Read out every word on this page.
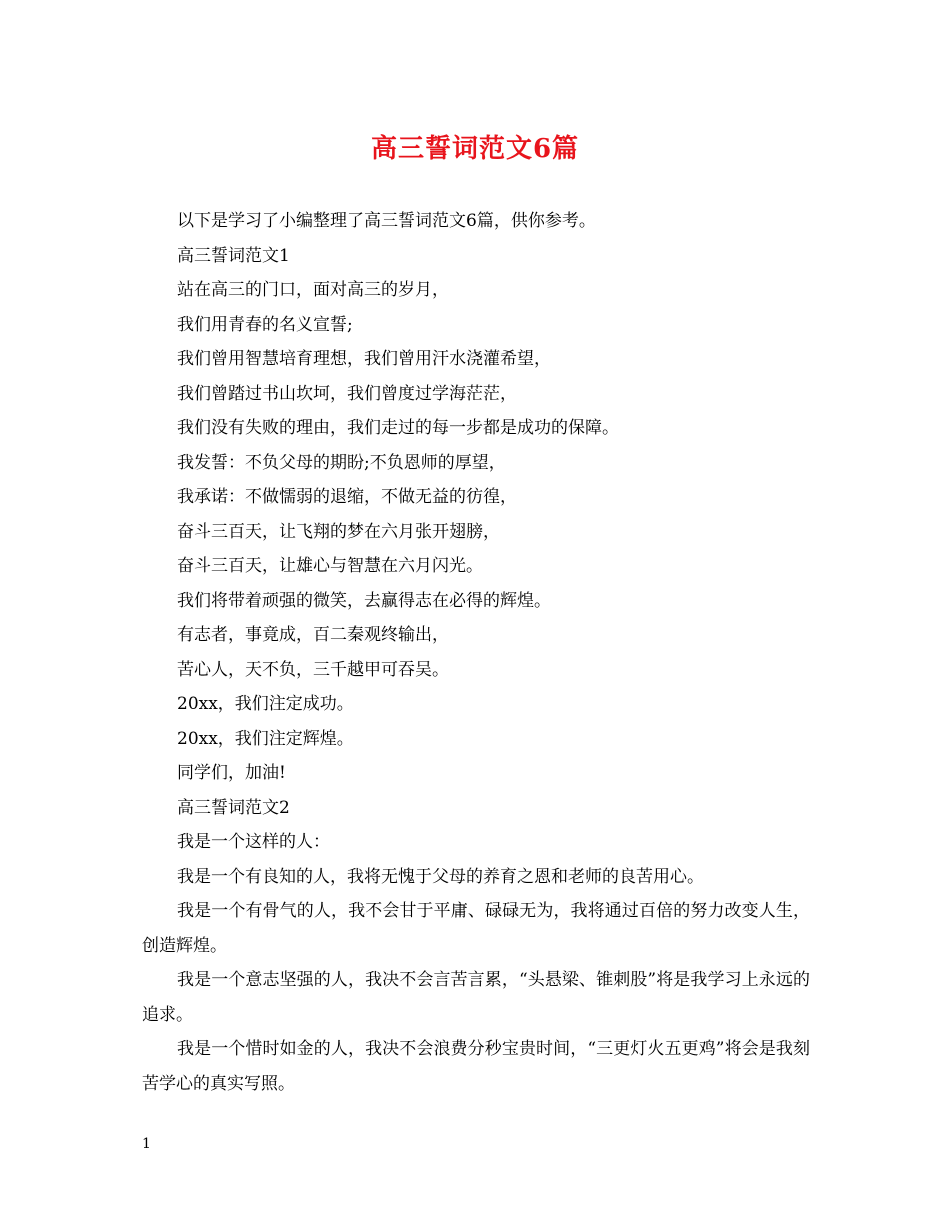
高三誓词范文6篇

以下是学习了小编整理了高三誓词范文6篇，供你参考。

高三誓词范文1

站在高三的门口，面对高三的岁月，

我们用青春的名义宣誓;

我们曾用智慧培育理想，我们曾用汗水浇灌希望，

我们曾踏过书山坎坷，我们曾度过学海茫茫，

我们没有失败的理由，我们走过的每一步都是成功的保障。

我发誓：不负父母的期盼;不负恩师的厚望，

我承诺：不做懦弱的退缩，不做无益的彷徨，

奋斗三百天，让飞翔的梦在六月张开翅膀，

奋斗三百天，让雄心与智慧在六月闪光。

我们将带着顽强的微笑，去赢得志在必得的辉煌。

有志者，事竟成，百二秦观终输出，

苦心人，天不负，三千越甲可吞吴。

20xx，我们注定成功。

20xx，我们注定辉煌。

同学们，加油!

高三誓词范文2

我是一个这样的人：

我是一个有良知的人，我将无愧于父母的养育之恩和老师的良苦用心。

我是一个有骨气的人，我不会甘于平庸、碌碌无为，我将通过百倍的努力改变人生，创造辉煌。

我是一个意志坚强的人，我决不会言苦言累，“头悬梁、锥刺股”将是我学习上永远的追求。

我是一个惜时如金的人，我决不会浪费分秒宝贵时间，“三更灯火五更鸡”将会是我刻苦学心的真实写照。

1
